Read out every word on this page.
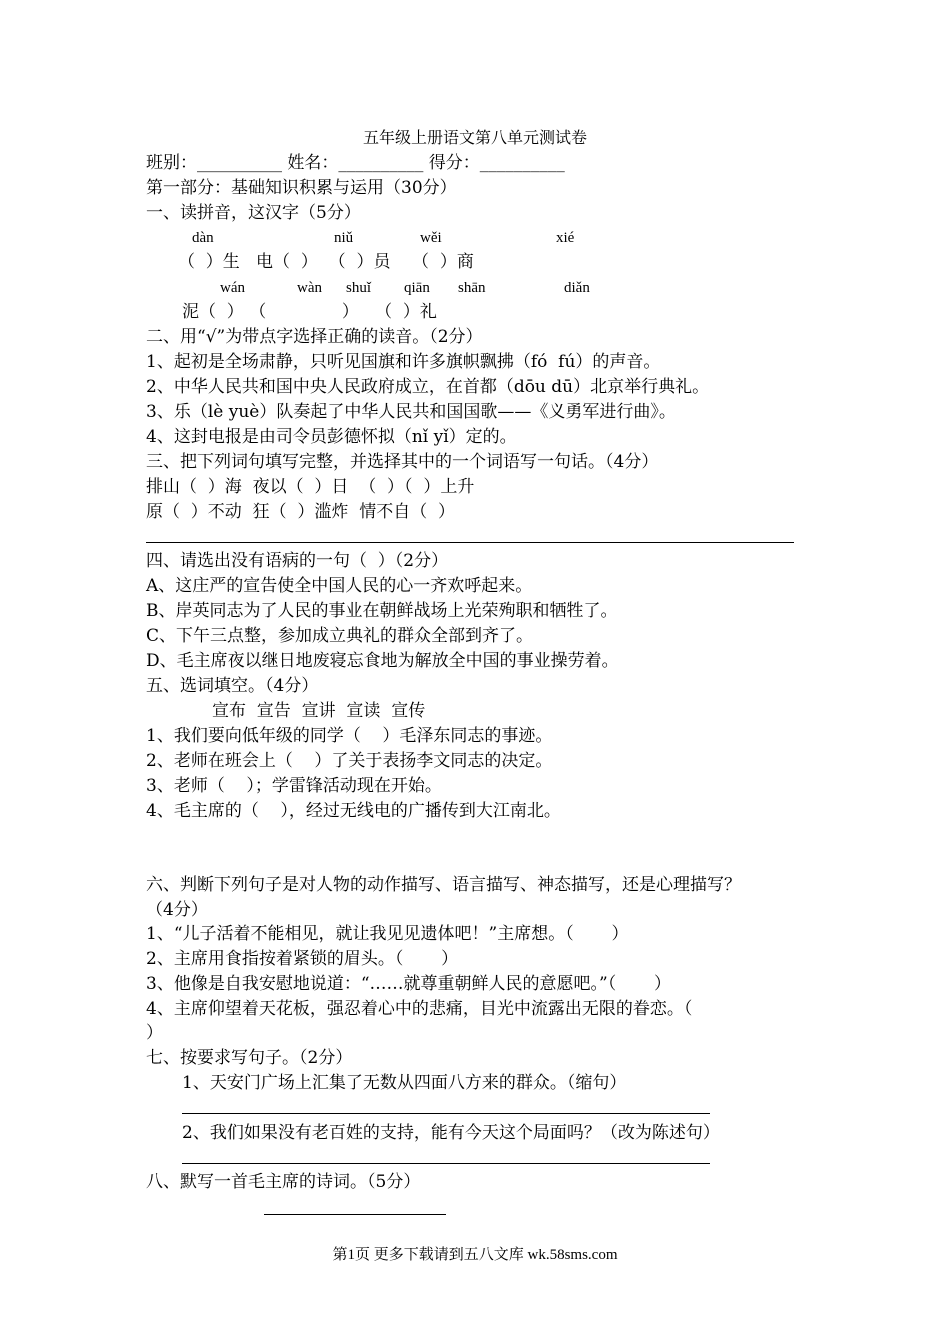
五年级上册语文第八单元测试卷
班别：__________ 姓名：__________ 得分：__________
第一部分：基础知识积累与运用（30分）
一、读拼音，这汉字（5分）
dàn	niǔ	wěi	xié
（  ）生   电（  ）  （  ）员    （  ）商
wán	wàn shuǐ qiān shān	diǎn
泥（  ） （              ）   （  ）礼
二、用“√”为带点字选择正确的读音。（2分）
1、起初是全场肃静，只听见国旗和许多旗帜飘拂（fó  fú）的声音。
2、中华人民共和国中央人民政府成立，在首都（dōu dū）北京举行典礼。
3、乐（lè yuè）队奏起了中华人民共和国国歌——《义勇军进行曲》。
4、这封电报是由司令员彭德怀拟（nǐ yǐ）定的。
三、把下列词句填写完整，并选择其中的一个词语写一句话。（4分）
排山（  ）海  夜以（  ）日  （  ）（  ）上升
原（  ）不动  狂（  ）滥炸  情不自（  ）
四、请选出没有语病的一句（  ）（2分）
A、这庄严的宣告使全中国人民的心一齐欢呼起来。
B、岸英同志为了人民的事业在朝鲜战场上光荣殉职和牺牲了。
C、下午三点整，参加成立典礼的群众全部到齐了。
D、毛主席夜以继日地废寝忘食地为解放全中国的事业操劳着。
五、选词填空。（4分）
宣布  宣告  宣讲  宣读  宣传
1、我们要向低年级的同学（    ）毛泽东同志的事迹。
2、老师在班会上（    ）了关于表扬李文同志的决定。
3、老师（    ）；学雷锋活动现在开始。
4、毛主席的（    ），经过无线电的广播传到大江南北。
六、判断下列句子是对人物的动作描写、语言描写、神态描写，还是心理描写？
（4分）
1、“儿子活着不能相见，就让我见见遗体吧！”主席想。（       ）
2、主席用食指按着紧锁的眉头。（       ）
3、他像是自我安慰地说道：“……就尊重朝鲜人民的意愿吧。”（       ）
4、主席仰望着天花板，强忍着心中的悲痛，目光中流露出无限的眷恋。（
）
七、按要求写句子。（2分）
1、天安门广场上汇集了无数从四面八方来的群众。（缩句）
2、我们如果没有老百姓的支持，能有今天这个局面吗？（改为陈述句）
八、默写一首毛主席的诗词。（5分）
第1页 更多下载请到五八文库 wk.58sms.com
